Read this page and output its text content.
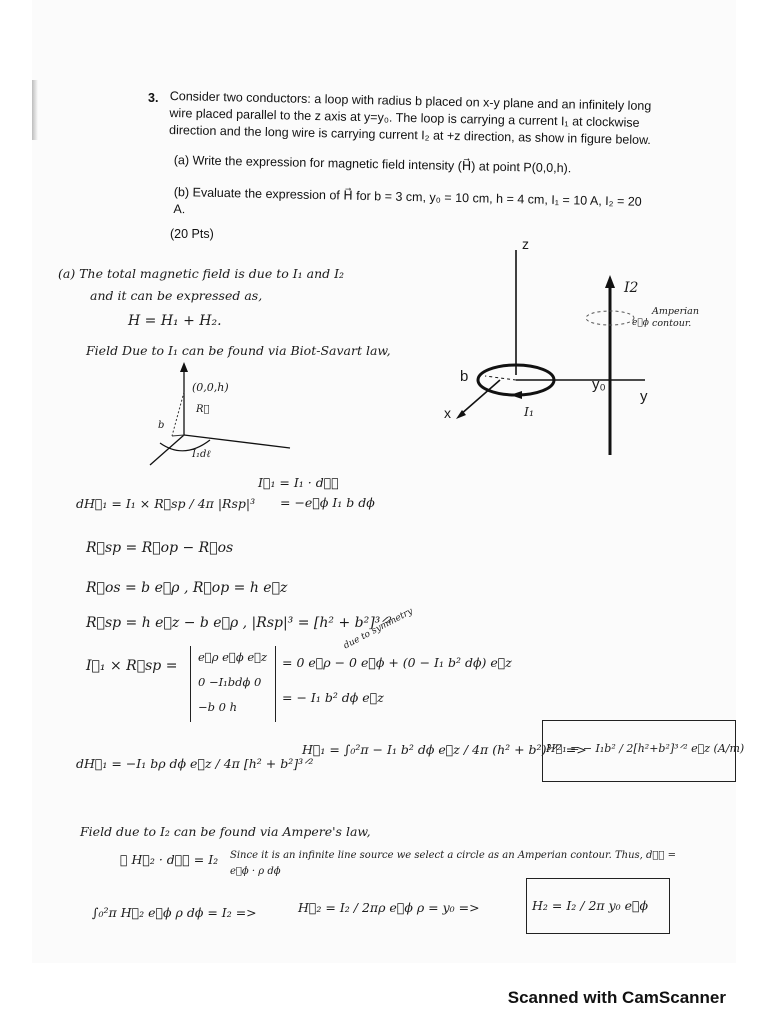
3. Consider two conductors: a loop with radius b placed on x-y plane and an infinitely long wire placed parallel to the z axis at y=y₀. The loop is carrying a current I₁ at clockwise direction and the long wire is carrying current I₂ at +z direction, as show in figure below.
(a) Write the expression for magnetic field intensity (H⃗) at point P(0,0,h).
(b) Evaluate the expression of H⃗ for b = 3 cm, y₀ = 10 cm, h = 4 cm, I₁ = 10 A, I₂ = 20 A.
(20 Pts)
z
y
x
b	y₀
I₁
I2
Amperian contour.
e⃗ϕ
(a) The total magnetic field is due to I₁ and I₂
and it can be expressed as,
H = H₁ + H₂.
Field Due to I₁ can be found via Biot-Savart law,
(0,0,h)
R⃗
b
I₁dℓ
dH⃗₁ = I₁ × R⃗sp / 4π |Rsp|³
I⃗₁ = I₁ · dℓ⃗
= −e⃗ϕ I₁ b dϕ
R⃗sp = R⃗op − R⃗os
R⃗os = b e⃗ρ , R⃗op = h e⃗z
R⃗sp = h e⃗z − b e⃗ρ , |Rsp|³ = [h² + b²]³ᐟ²
I⃗₁ × R⃗sp =
e⃗ρ e⃗ϕ e⃗z
0 −I₁bdϕ 0
−b 0 h
= 0 e⃗ρ − 0 e⃗ϕ + (0 − I₁ b² dϕ) e⃗z
due to symmetry
= − I₁ b² dϕ e⃗z
dH⃗₁ = −I₁ bρ dϕ e⃗z / 4π [h² + b²]³ᐟ²
H⃗₁ = ∫₀²π − I₁ b² dϕ e⃗z / 4π (h² + b²)³ᐟ² =>
H⃗₁ = − I₁b² / 2[h²+b²]³ᐟ² e⃗z (A/m)
Field due to I₂ can be found via Ampere's law,
∮ H⃗₂ · dℓ⃗ = I₂ Since it is an infinite line source we select a circle as an Amperian contour. Thus, dℓ⃗ = e⃗ϕ · ρ dϕ
∫₀²π H⃗₂ e⃗ϕ ρ dϕ = I₂ =>	H⃗₂ = I₂ / 2πρ e⃗ϕ ρ = y₀ =>	H₂ = I₂ / 2π y₀ e⃗ϕ
Scanned with CamScanner
